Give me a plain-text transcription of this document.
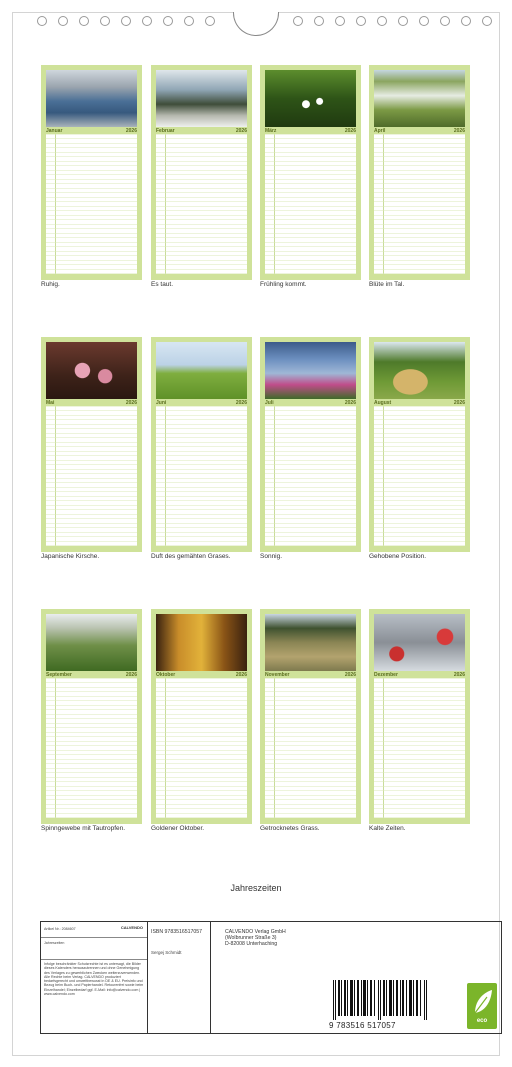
Januar	2026	Februar	2026	März	2026	April	2026
Ruhig.	Es taut.	Frühling kommt.	Blüte im Tal.
Mai	2026	Juni	2026	Juli	2026	August	2026
Japanische Kirsche.	Duft des gemähten Grases.	Sonnig.	Gehobene Position.
September	2026	Oktober	2026	November	2026	Dezember	2026
Spinngewebe mit Tautropfen.	Goldener Oktober.	Getrocknetes Grass.	Kalte Zeiten.
Jahreszeiten
Artikel Nr.: 2084607	CALVENDO
Jahreszeiten
Infolge beschränkter Schutzrechte ist es untersagt, die Bilder dieses Kalenders herauszutrennen und ohne Genehmigung des Verlages zu gewerblichen Zwecken weiterzuverwenden. Alle Rechte beim Verlag. CALVENDO produziert bedarfsgerecht und umweltbewusst in DE & EU. Preisinfo und Bezug beim Buch- und Papierhandel. Retourenfrei sowie beim Einzelhandel; Einzelbedarf ggf. E-Mail: info@calvendo.com | www.calvendo.com
ISBN 9783516517057
Sergej Schmidt
CALVENDO Verlag GmbH
(Wolbrunner Straße 3)
D-82008 Unterhaching
9 783516 517057	eco
